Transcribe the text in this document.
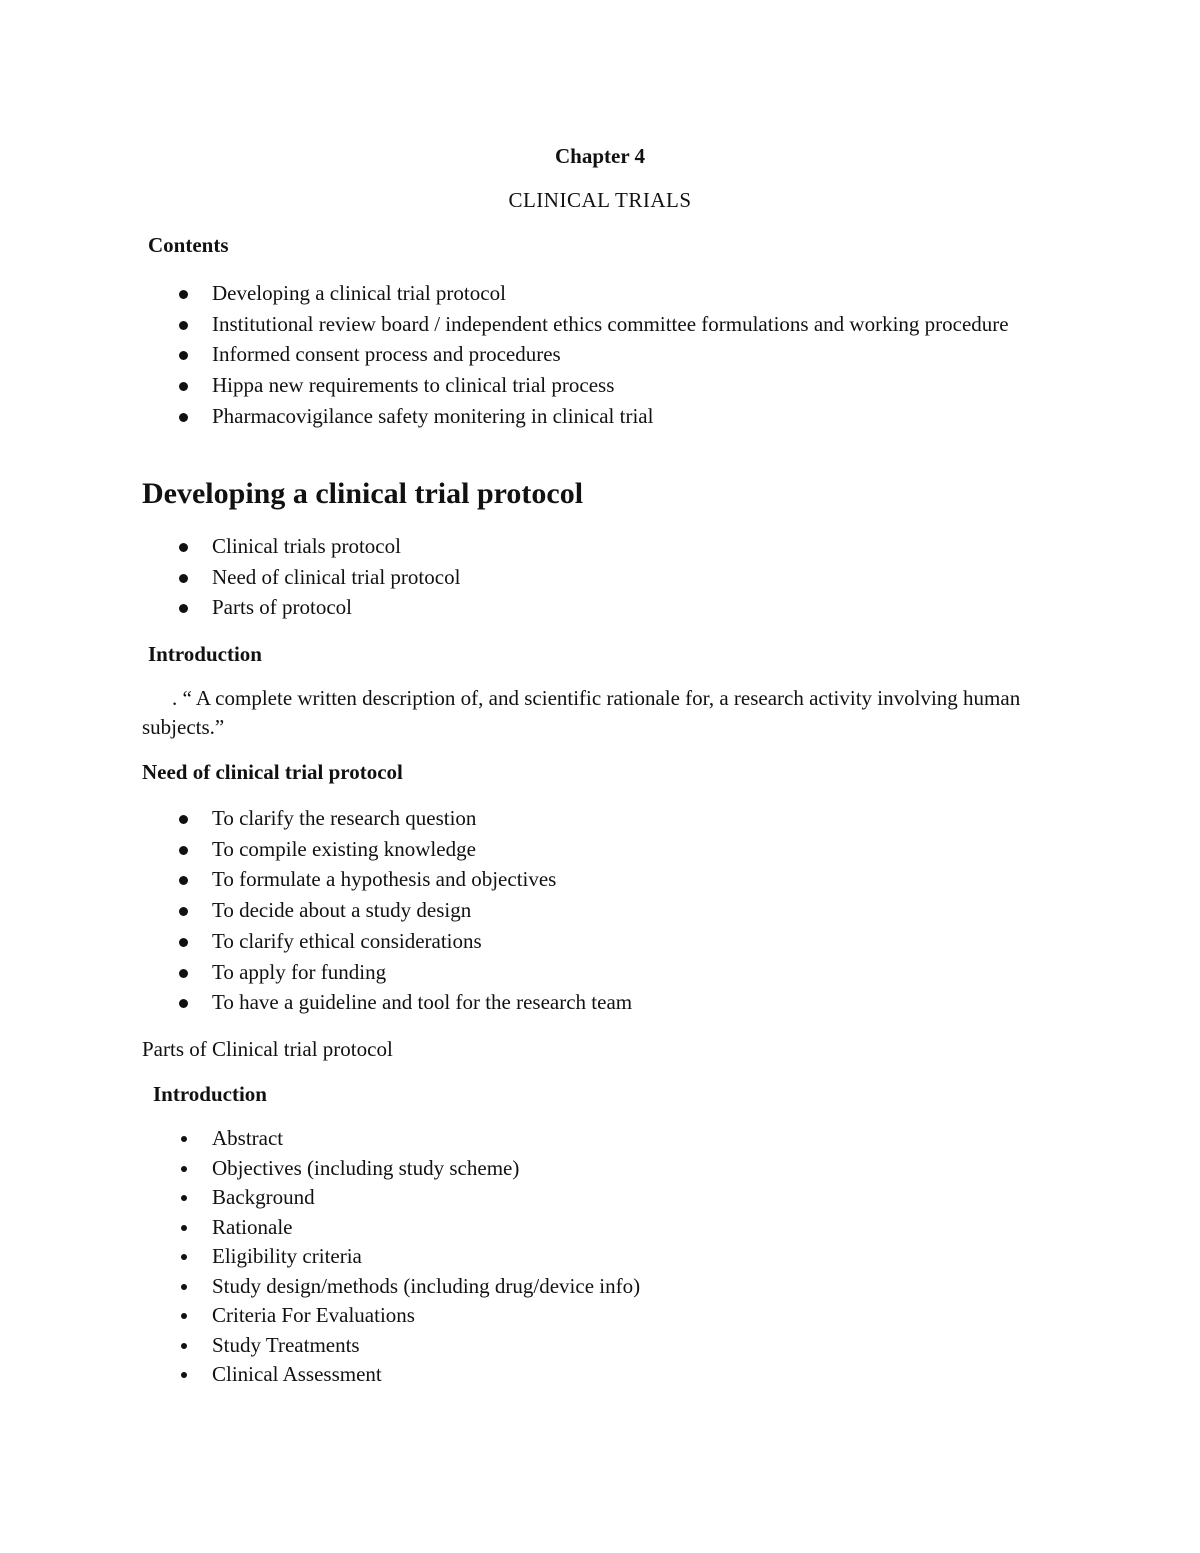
Chapter 4
CLINICAL TRIALS

Contents

Developing a clinical trial protocol
Institutional review board / independent ethics committee formulations and working procedure
Informed consent process and procedures
Hippa new requirements to clinical trial process
Pharmacovigilance safety monitering in clinical trial
Developing a clinical trial protocol
Clinical trials protocol
Need of clinical trial protocol
Parts of protocol

Introduction

. “ A complete written description of, and scientific rationale for, a research activity involving human subjects.”

Need of clinical trial protocol

To clarify the research question
To compile existing knowledge
To formulate a hypothesis and objectives
To decide about a study design
To clarify ethical considerations
To apply for funding
To have a guideline and tool for the research team

Parts of Clinical trial protocol

Introduction

Abstract
Objectives (including study scheme)
Background
Rationale
Eligibility criteria
Study design/methods (including drug/device info)
Criteria For Evaluations
Study Treatments
Clinical Assessment
